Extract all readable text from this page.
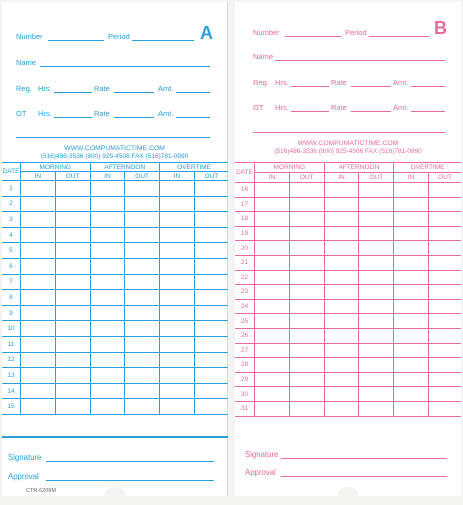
Number	Period	A
Name
Reg. Hrs.	Rate	Amt.
OT Hrs.	Rate	Amt.
WWW.COMPUMATICTIME.COM
(516)486-3536 (800) 925-4506 FAX (516)781-0990
DATE	MORNING		AFTERNOON		OVERTIME	
	IN	OUT	IN	OUT	IN	OUT
1						
2						
3						
4						
5						
6						
7						
8						
9						
10						
11						
12						
13						
14						
15						
Signature
Approval
CTR-6209M
Number	Period	B
Name
Reg. Hrs.	Rate	Amt.
OT Hrs.	Rate	Amt.
WWW.COMPUMATICTIME.COM
(516)486-3536 (800) 925-4506 FAX (516)781-0990
DATE	MORNING		AFTERNOON		OVERTIME	
	IN	OUT	IN	OUT	IN	OUT
16						
17						
18						
19						
20						
21						
22						
23						
24						
25						
26						
27						
28						
29						
30						
31						
Signature
Approval
